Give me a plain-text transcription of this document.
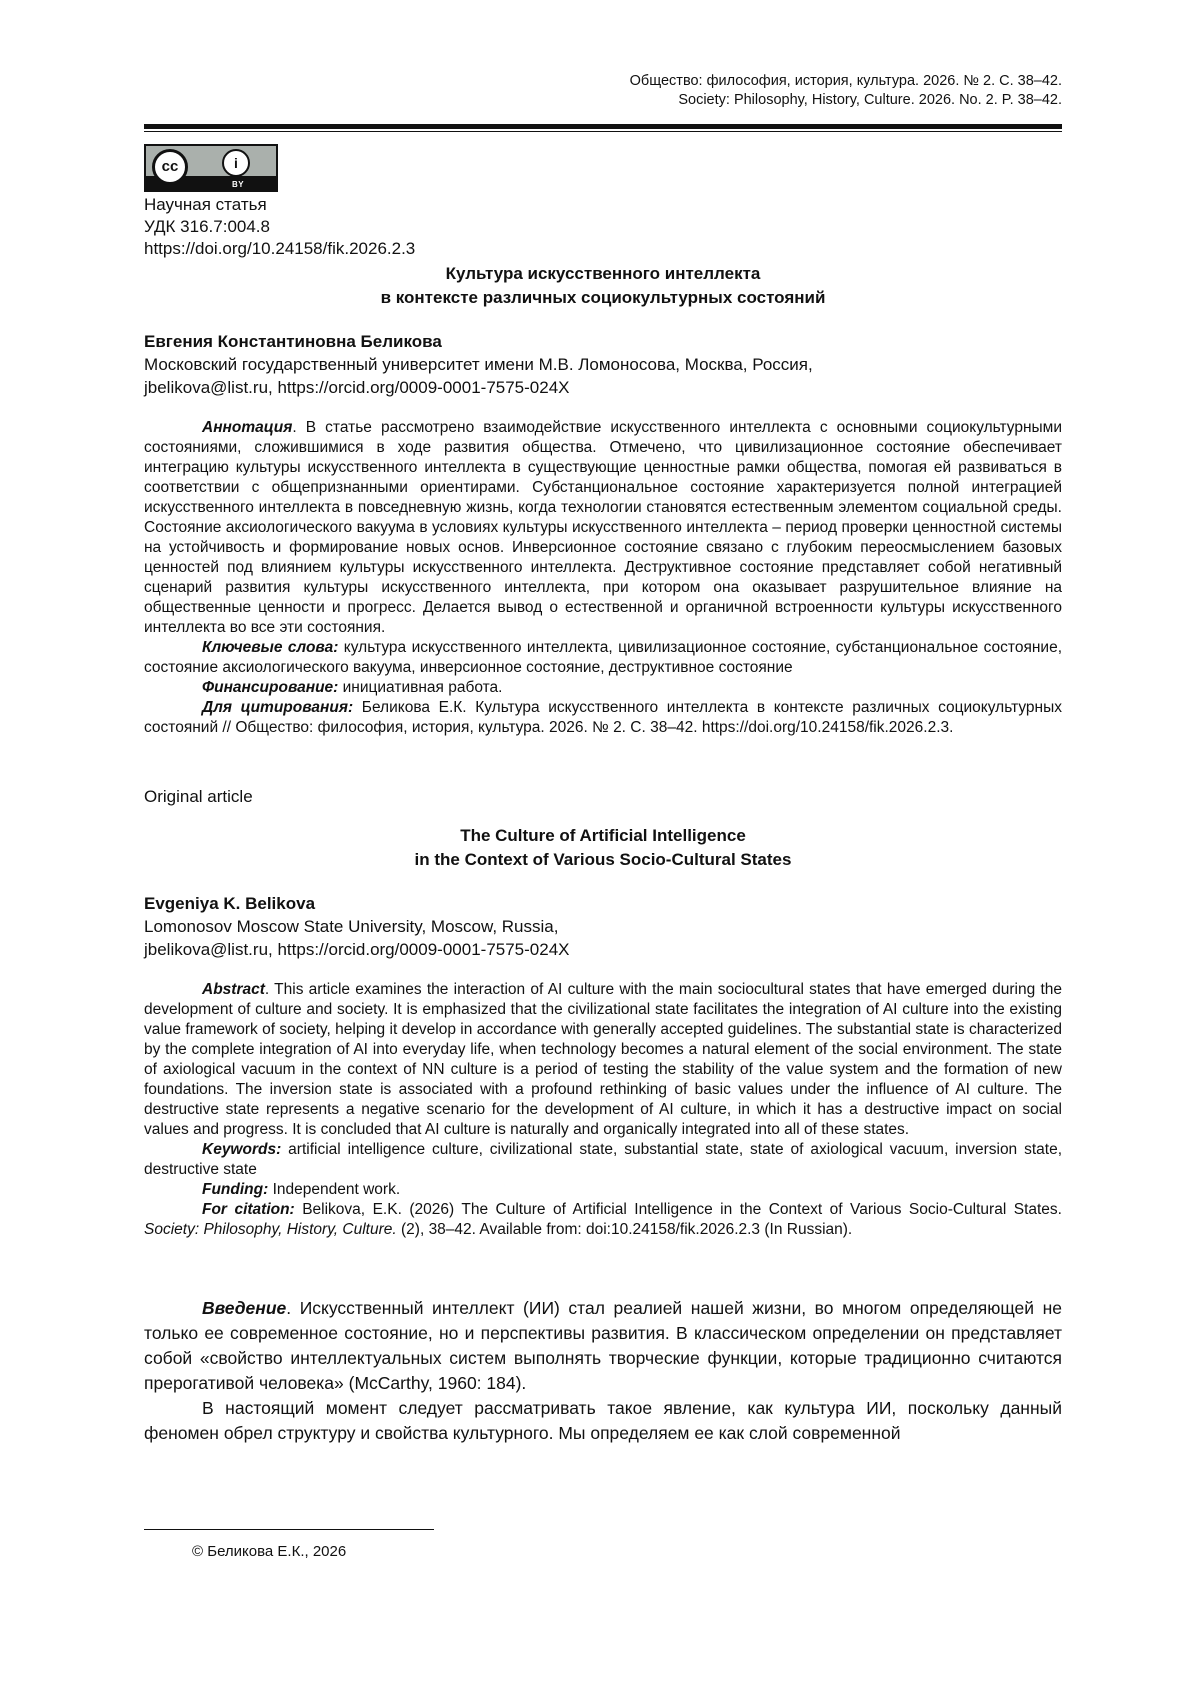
Общество: философия, история, культура. 2026. № 2. С. 38–42.
Society: Philosophy, History, Culture. 2026. No. 2. P. 38–42.
BY
cc	i
Научная статья
УДК 316.7:004.8
https://doi.org/10.24158/fik.2026.2.3
Культура искусственного интеллекта
в контексте различных социокультурных состояний
Евгения Константиновна Беликова
Московский государственный университет имени М.В. Ломоносова, Москва, Россия,
jbelikova@list.ru, https://orcid.org/0009-0001-7575-024X

Аннотация. В статье рассмотрено взаимодействие искусственного интеллекта с основными социокультурными состояниями, сложившимися в ходе развития общества. Отмечено, что цивилизационное состояние обеспечивает интеграцию культуры искусственного интеллекта в существующие ценностные рамки общества, помогая ей развиваться в соответствии с общепризнанными ориентирами. Субстанциональное состояние характеризуется полной интеграцией искусственного интеллекта в повседневную жизнь, когда технологии становятся естественным элементом социальной среды. Состояние аксиологического вакуума в условиях культуры искусственного интеллекта – период проверки ценностной системы на устойчивость и формирование новых основ. Инверсионное состояние связано с глубоким переосмыслением базовых ценностей под влиянием культуры искусственного интеллекта. Деструктивное состояние представляет собой негативный сценарий развития культуры искусственного интеллекта, при котором она оказывает разрушительное влияние на общественные ценности и прогресс. Делается вывод о естественной и органичной встроенности культуры искусственного интеллекта во все эти состояния.

Ключевые слова: культура искусственного интеллекта, цивилизационное состояние, субстанциональное состояние, состояние аксиологического вакуума, инверсионное состояние, деструктивное состояние

Финансирование: инициативная работа.

Для цитирования: Беликова Е.К. Культура искусственного интеллекта в контексте различных социокультурных состояний // Общество: философия, история, культура. 2026. № 2. С. 38–42. https://doi.org/10.24158/fik.2026.2.3.

Original article
The Culture of Artificial Intelligence
in the Context of Various Socio-Cultural States
Evgeniya K. Belikova
Lomonosov Moscow State University, Moscow, Russia,
jbelikova@list.ru, https://orcid.org/0009-0001-7575-024X

Abstract. This article examines the interaction of AI culture with the main sociocultural states that have emerged during the development of culture and society. It is emphasized that the civilizational state facilitates the integration of AI culture into the existing value framework of society, helping it develop in accordance with generally accepted guidelines. The substantial state is characterized by the complete integration of AI into everyday life, when technology becomes a natural element of the social environment. The state of axiological vacuum in the context of NN culture is a period of testing the stability of the value system and the formation of new foundations. The inversion state is associated with a profound rethinking of basic values under the influence of AI culture. The destructive state represents a negative scenario for the development of AI culture, in which it has a destructive impact on social values and progress. It is concluded that AI culture is naturally and organically integrated into all of these states.

Keywords: artificial intelligence culture, civilizational state, substantial state, state of axiological vacuum, inversion state, destructive state

Funding: Independent work.

For citation: Belikova, E.K. (2026) The Culture of Artificial Intelligence in the Context of Various Socio-Cultural States. Society: Philosophy, History, Culture. (2), 38–42. Available from: doi:10.24158/fik.2026.2.3 (In Russian).

Введение. Искусственный интеллект (ИИ) стал реалией нашей жизни, во многом определяющей не только ее современное состояние, но и перспективы развития. В классическом определении он представляет собой «свойство интеллектуальных систем выполнять творческие функции, которые традиционно считаются прерогативой человека» (McCarthy, 1960: 184).

В настоящий момент следует рассматривать такое явление, как культура ИИ, поскольку данный феномен обрел структуру и свойства культурного. Мы определяем ее как слой современной

© Беликова Е.К., 2026
